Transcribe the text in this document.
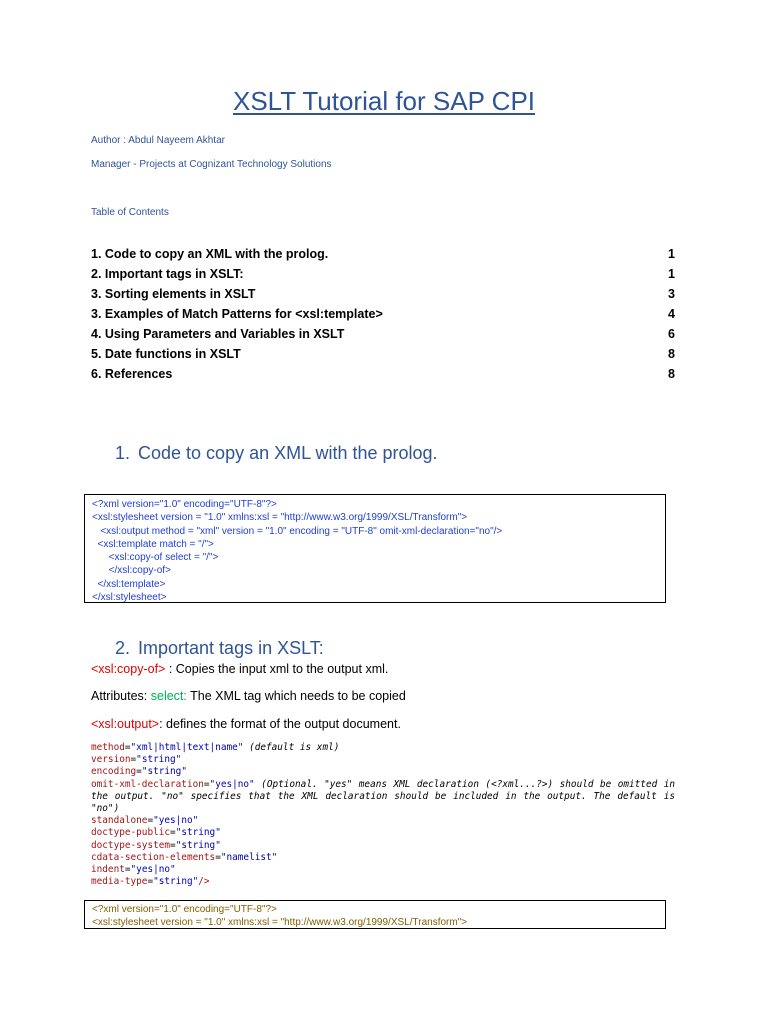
XSLT Tutorial for SAP CPI
Author : Abdul Nayeem Akhtar
Manager - Projects at Cognizant Technology Solutions
Table of Contents
1. Code to copy an XML with the prolog.	1
2. Important tags in XSLT:	1
3. Sorting elements in XSLT	3
3. Examples of Match Patterns for <xsl:template>	4
4. Using Parameters and Variables in XSLT	6
5. Date functions in XSLT	8
6. References	8
1. Code to copy an XML with the prolog.
<?xml version="1.0" encoding="UTF-8"?>
<xsl:stylesheet version = "1.0" xmlns:xsl = "http://www.w3.org/1999/XSL/Transform">
<xsl:output method = "xml" version = "1.0" encoding = "UTF-8" omit-xml-declaration="no"/>
<xsl:template match = "/">
<xsl:copy-of select = "/">
</xsl:copy-of>
</xsl:template>
</xsl:stylesheet>
2. Important tags in XSLT:
<xsl:copy-of> : Copies the input xml to the output xml.
Attributes: select: The XML tag which needs to be copied
<xsl:output>: defines the format of the output document.
method="xml|html|text|name" (default is xml)
version="string"
encoding="string"
omit-xml-declaration="yes|no" (Optional. "yes" means XML declaration (<?xml...?>) should be omitted in the output. "no" specifies that the XML declaration should be included in the output. The default is "no")
standalone="yes|no"
doctype-public="string"
doctype-system="string"
cdata-section-elements="namelist"
indent="yes|no"
media-type="string"/>
<?xml version="1.0" encoding="UTF-8"?>
<xsl:stylesheet version = "1.0" xmlns:xsl = "http://www.w3.org/1999/XSL/Transform">
